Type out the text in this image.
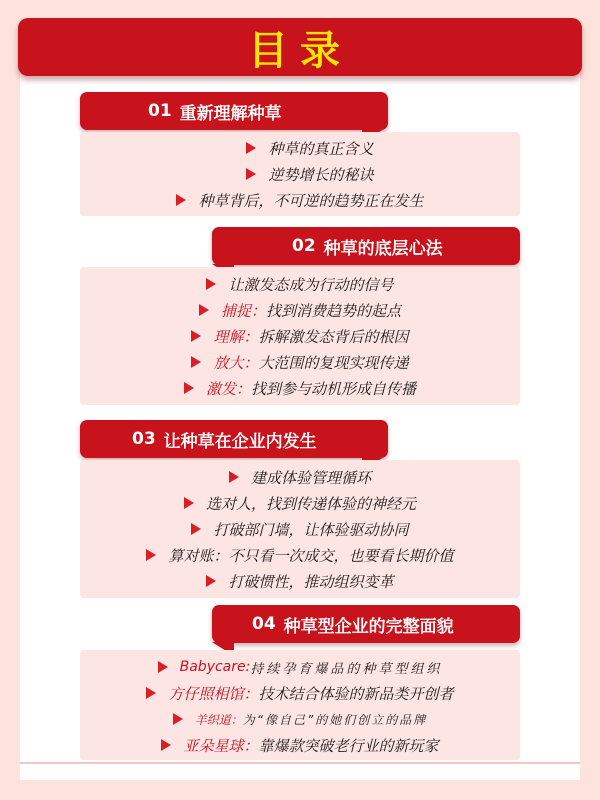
目录
01 重新理解种草
种草的真正含义
逆势增长的秘诀
种草背后，不可逆的趋势正在发生
02 种草的底层心法
让激发态成为行动的信号
捕捉： 找到消费趋势的起点
理解： 拆解激发态背后的根因
放大： 大范围的复现实现传递
激发： 找到参与动机形成自传播
03 让种草在企业内发生
建成体验管理循环
选对人，找到传递体验的神经元
打破部门墙，让体验驱动协同
算对账：不只看一次成交，也要看长期价值
打破惯性，推动组织变革
04 种草型企业的完整面貌
Babycare: 持续孕育爆品的种草型组织
方仔照相馆： 技术结合体验的新品类开创者
羊织道： 为“像自己”的她们创立的品牌
亚朵星球： 靠爆款突破老行业的新玩家
